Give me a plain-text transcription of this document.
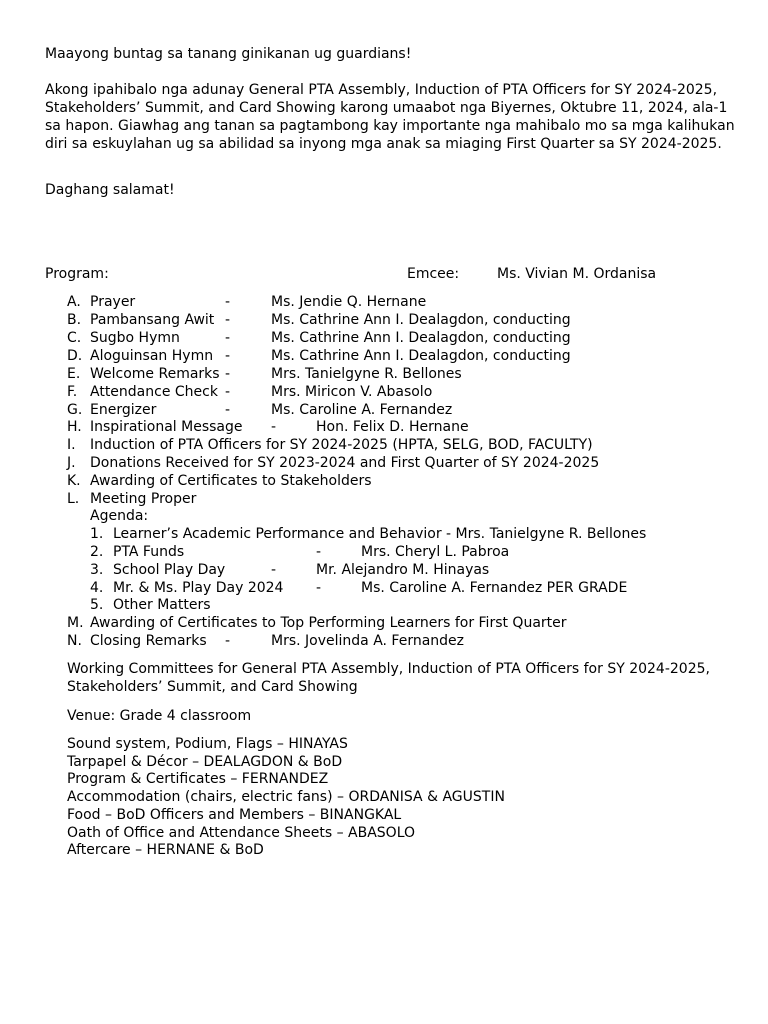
Maayong buntag sa tanang ginikanan ug guardians!
Akong ipahibalo nga adunay General PTA Assembly, Induction of PTA Officers for SY 2024-2025, Stakeholders’ Summit, and Card Showing karong umaabot nga Biyernes, Oktubre 11, 2024, ala-1 sa hapon. Giawhag ang tanan sa pagtambong kay importante nga mahibalo mo sa mga kalihukan diri sa eskuylahan ug sa abilidad sa inyong mga anak sa miaging First Quarter sa SY 2024-2025.
Daghang salamat!
Program:	Emcee:	Ms. Vivian M. Ordanisa
A. Prayer	-	Ms. Jendie Q. Hernane
B. Pambansang Awit -	Ms. Cathrine Ann I. Dealagdon, conducting
C. Sugbo Hymn	-	Ms. Cathrine Ann I. Dealagdon, conducting
D. Aloguinsan Hymn -	Ms. Cathrine Ann I. Dealagdon, conducting
E. Welcome Remarks -	Mrs. Tanielgyne R. Bellones
F. Attendance Check -	Mrs. Miricon V. Abasolo
G. Energizer	-	Ms. Caroline A. Fernandez
H. Inspirational Message -	Hon. Felix D. Hernane
I. Induction of PTA Officers for SY 2024-2025 (HPTA, SELG, BOD, FACULTY)
J. Donations Received for SY 2023-2024 and First Quarter of SY 2024-2025
K. Awarding of Certificates to Stakeholders
L. Meeting Proper
Agenda:
1. Learner’s Academic Performance and Behavior - Mrs. Tanielgyne R. Bellones
2. PTA Funds	-	Mrs. Cheryl L. Pabroa
3. School Play Day	-	Mr. Alejandro M. Hinayas
4. Mr. & Ms. Play Day 2024 -	Ms. Caroline A. Fernandez PER GRADE
5. Other Matters
M. Awarding of Certificates to Top Performing Learners for First Quarter
N. Closing Remarks -	Mrs. Jovelinda A. Fernandez
Working Committees for General PTA Assembly, Induction of PTA Officers for SY 2024-2025,
Stakeholders’ Summit, and Card Showing
Venue: Grade 4 classroom
Sound system, Podium, Flags – HINAYAS
Tarpapel & Décor – DEALAGDON & BoD
Program & Certificates – FERNANDEZ
Accommodation (chairs, electric fans) – ORDANISA & AGUSTIN
Food – BoD Officers and Members – BINANGKAL
Oath of Office and Attendance Sheets – ABASOLO
Aftercare – HERNANE & BoD
